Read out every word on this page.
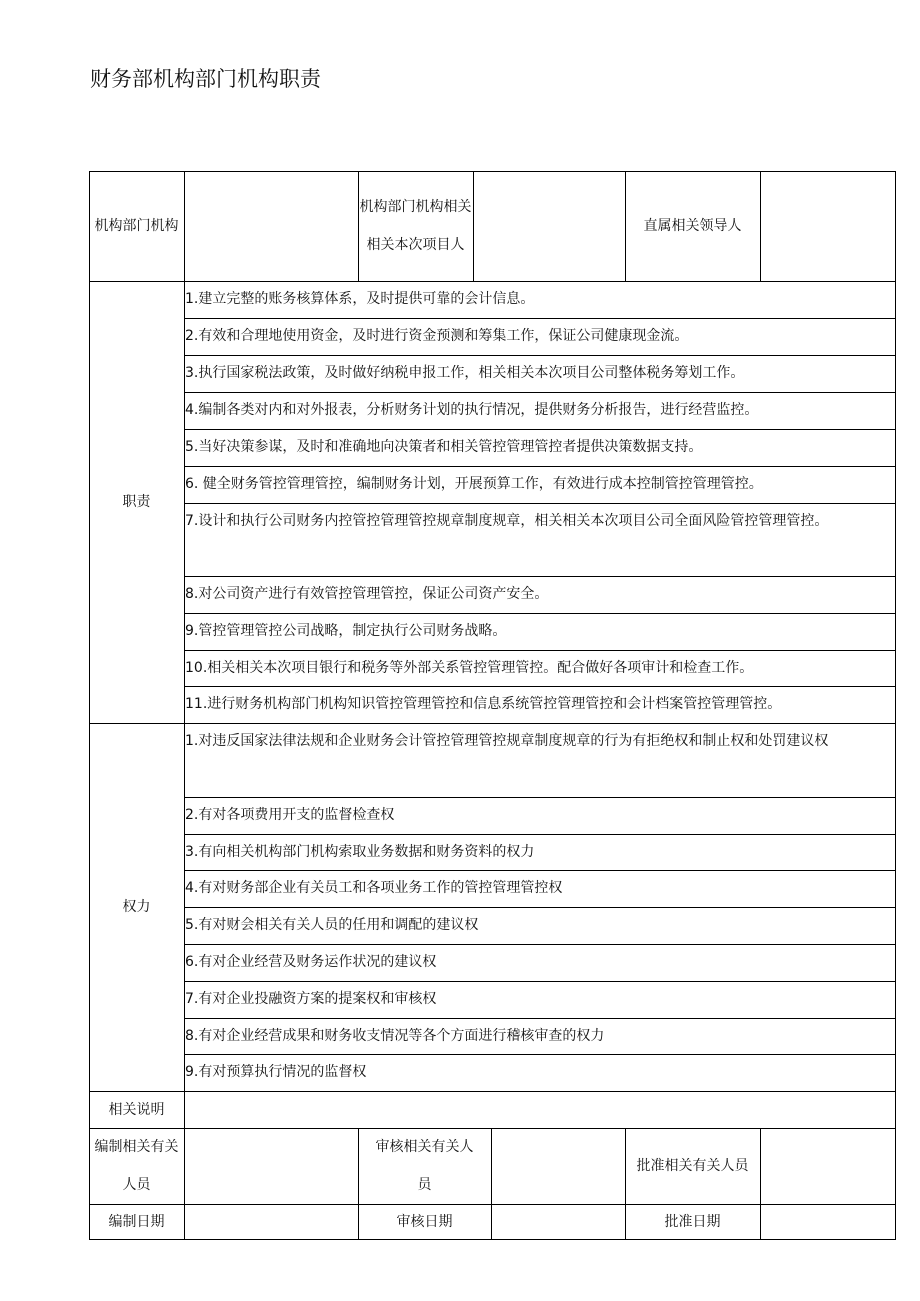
财务部机构部门机构职责
机构部门机构
机构部门机构相关相关本次项目人
直属相关领导人
职责
1.建立完整的账务核算体系，及时提供可靠的会计信息。
2.有效和合理地使用资金，及时进行资金预测和筹集工作，保证公司健康现金流。
3.执行国家税法政策，及时做好纳税申报工作，相关相关本次项目公司整体税务筹划工作。
4.编制各类对内和对外报表，分析财务计划的执行情况，提供财务分析报告，进行经营监控。
5.当好决策参谋，及时和准确地向决策者和相关管控管理管控者提供决策数据支持。
6. 健全财务管控管理管控，编制财务计划，开展预算工作，有效进行成本控制管控管理管控。
7.设计和执行公司财务内控管控管理管控规章制度规章，相关相关本次项目公司全面风险管控管理管控。
8.对公司资产进行有效管控管理管控，保证公司资产安全。
9.管控管理管控公司战略，制定执行公司财务战略。
10.相关相关本次项目银行和税务等外部关系管控管理管控。配合做好各项审计和检查工作。
11.进行财务机构部门机构知识管控管理管控和信息系统管控管理管控和会计档案管控管理管控。
权力
1.对违反国家法律法规和企业财务会计管控管理管控规章制度规章的行为有拒绝权和制止权和处罚建议权
2.有对各项费用开支的监督检查权
3.有向相关机构部门机构索取业务数据和财务资料的权力
4.有对财务部企业有关员工和各项业务工作的管控管理管控权
5.有对财会相关有关人员的任用和调配的建议权
6.有对企业经营及财务运作状况的建议权
7.有对企业投融资方案的提案权和审核权
8.有对企业经营成果和财务收支情况等各个方面进行稽核审查的权力
9.有对预算执行情况的监督权
相关说明
编制相关有关人员
审核相关有关人员
批准相关有关人员
编制日期	审核日期	批准日期
